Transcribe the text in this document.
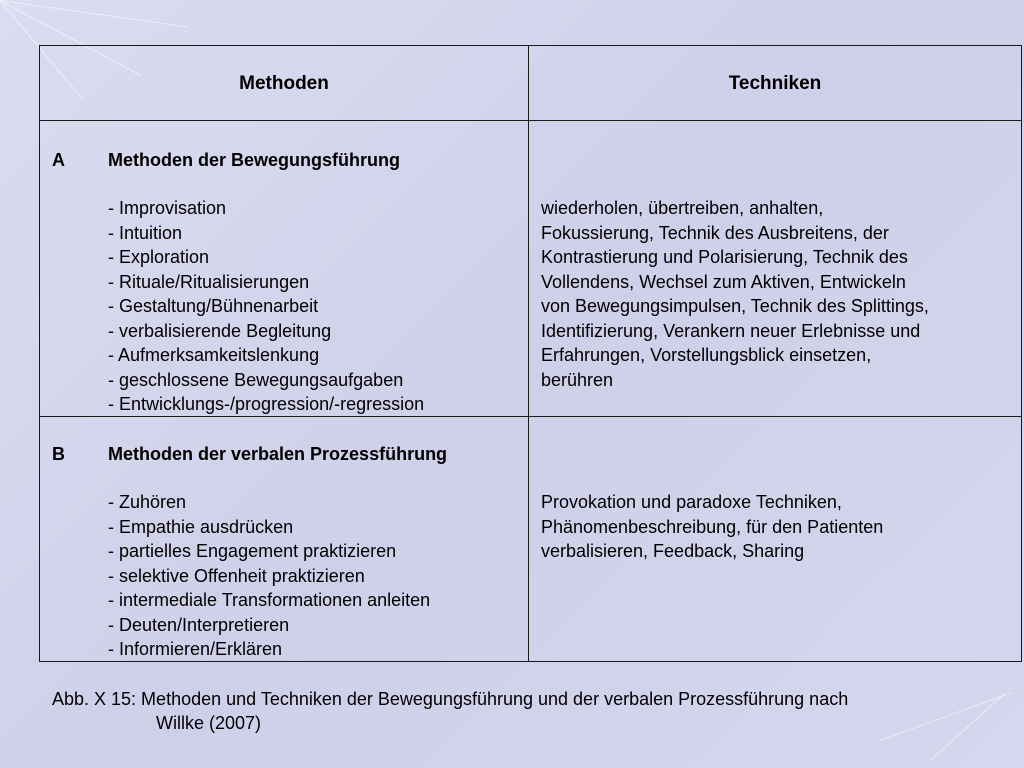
Methoden	Techniken
A Methoden der Bewegungsführung
- Improvisation
- Intuition
- Exploration
- Rituale/Ritualisierungen
- Gestaltung/Bühnenarbeit
- verbalisierende Begleitung
- Aufmerksamkeitslenkung
- geschlossene Bewegungsaufgaben
- Entwicklungs-/progression/-regression
wiederholen, übertreiben, anhalten,
Fokussierung, Technik des Ausbreitens, der
Kontrastierung und Polarisierung, Technik des
Vollendens, Wechsel zum Aktiven, Entwickeln
von Bewegungsimpulsen, Technik des Splittings,
Identifizierung, Verankern neuer Erlebnisse und
Erfahrungen, Vorstellungsblick einsetzen,
berühren
B Methoden der verbalen Prozessführung
- Zuhören
- Empathie ausdrücken
- partielles Engagement praktizieren
- selektive Offenheit praktizieren
- intermediale Transformationen anleiten
- Deuten/Interpretieren
- Informieren/Erklären
Provokation und paradoxe Techniken,
Phänomenbeschreibung, für den Patienten
verbalisieren, Feedback, Sharing
Abb. X 15: Methoden und Techniken der Bewegungsführung und der verbalen Prozessführung nach
Willke (2007)
